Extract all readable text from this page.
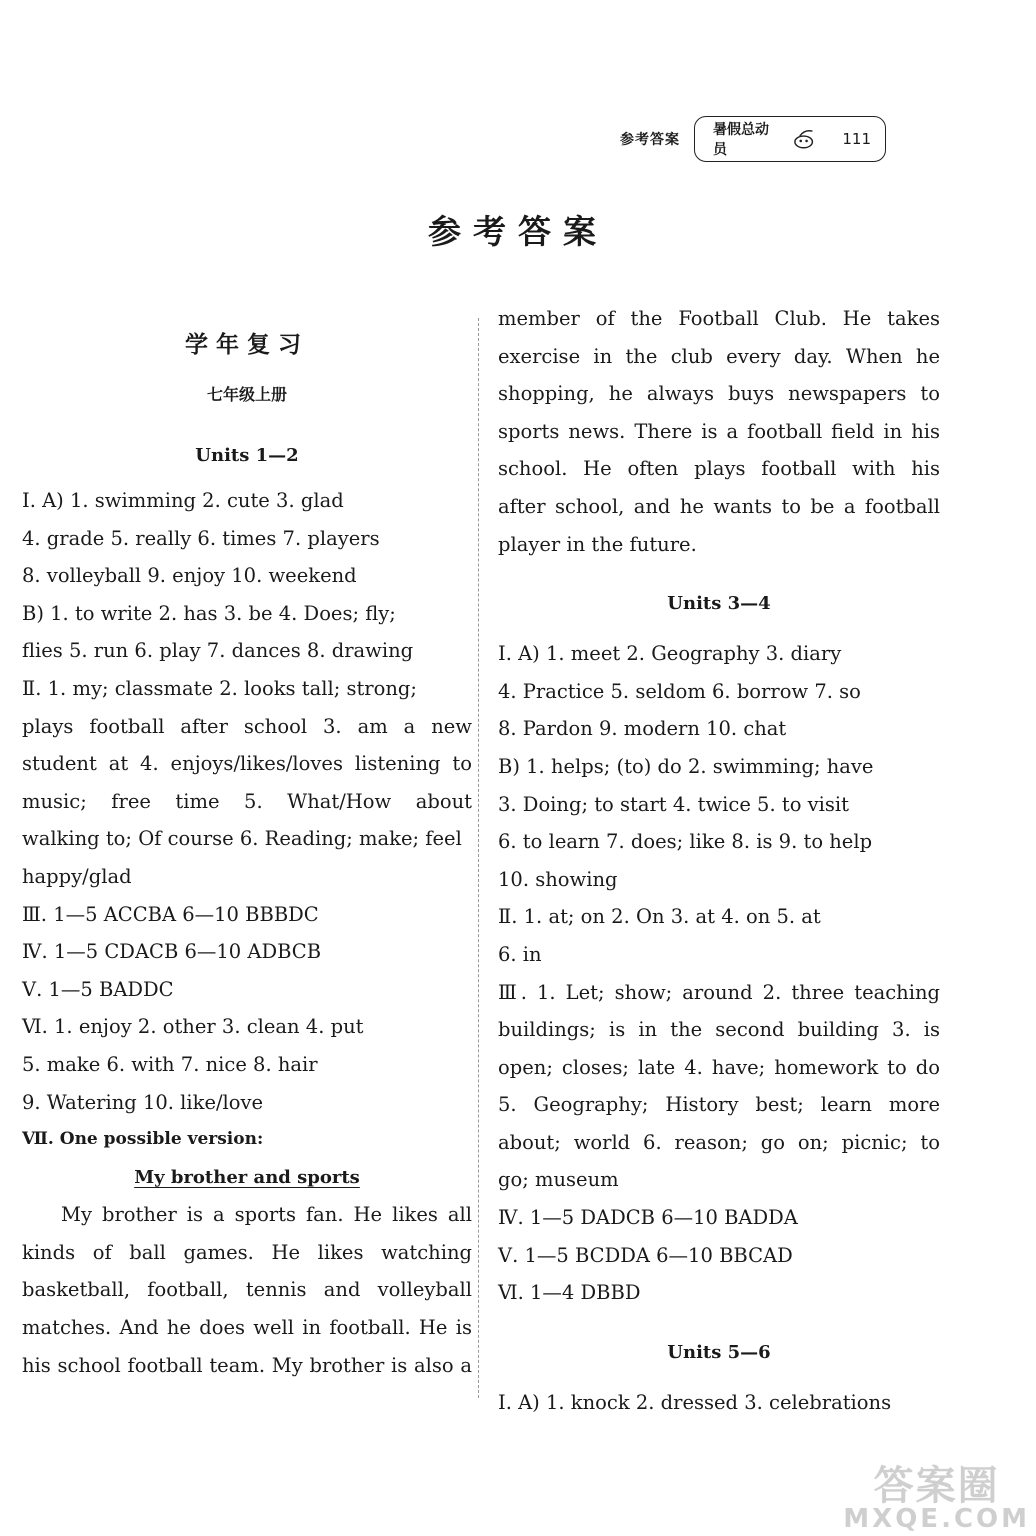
参考答案
暑假总动员
111
参考答案
学年复习
七年级上册
Units 1—2
Ⅰ. A) 1. swimming 2. cute 3. glad
4. grade 5. really 6. times 7. players
8. volleyball 9. enjoy 10. weekend
B) 1. to write 2. has 3. be 4. Does; fly;
flies 5. run 6. play 7. dances 8. drawing
Ⅱ. 1. my; classmate 2. looks tall; strong;
plays football after school 3. am a new
student at 4. enjoys/likes/loves listening to
music; free time 5. What/How about
walking to; Of course 6. Reading; make; feel
happy/glad
Ⅲ. 1—5 ACCBA 6—10 BBBDC
Ⅳ. 1—5 CDACB 6—10 ADBCB
Ⅴ. 1—5 BADDC
Ⅵ. 1. enjoy 2. other 3. clean 4. put
5. make 6. with 7. nice 8. hair
9. Watering 10. like/love
Ⅶ. One possible version:
My brother and sports
My brother is a sports fan. He likes all
kinds of ball games. He likes watching
basketball, football, tennis and volleyball
matches. And he does well in football. He is
his school football team. My brother is also a
member of the Football Club. He takes
exercise in the club every day. When he
shopping, he always buys newspapers to
sports news. There is a football field in his
school. He often plays football with his
after school, and he wants to be a football
player in the future.
Units 3—4
Ⅰ. A) 1. meet 2. Geography 3. diary
4. Practice 5. seldom 6. borrow 7. so
8. Pardon 9. modern 10. chat
B) 1. helps; (to) do 2. swimming; have
3. Doing; to start 4. twice 5. to visit
6. to learn 7. does; like 8. is 9. to help
10. showing
Ⅱ. 1. at; on 2. On 3. at 4. on 5. at
6. in
Ⅲ. 1. Let; show; around 2. three teaching
buildings; is in the second building 3. is
open; closes; late 4. have; homework to do
5. Geography; History best; learn more
about; world 6. reason; go on; picnic; to
go; museum
Ⅳ. 1—5 DADCB 6—10 BADDA
Ⅴ. 1—5 BCDDA 6—10 BBCAD
Ⅵ. 1—4 DBBD
Units 5—6
Ⅰ. A) 1. knock 2. dressed 3. celebrations
答案圈
MXQE.COM
